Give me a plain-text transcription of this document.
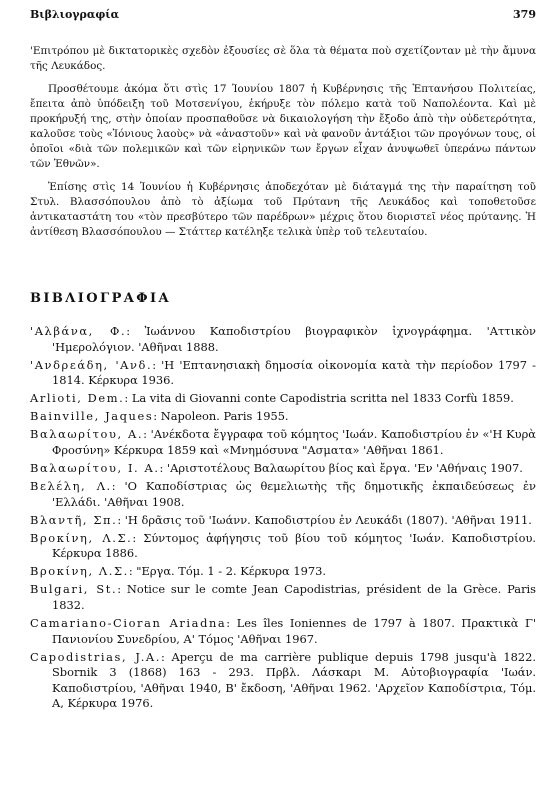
Βιβλιογραφία	379

'Επιτρόπου μὲ δικτατορικὲς σχεδὸν ἐξουσίες σὲ ὅλα τὰ θέματα ποὺ σχετίζονταν μὲ τὴν ἄμυνα τῆς Λευκάδος.

Προσθέτουμε ἀκόμα ὅτι στὶς 17 Ἰουνίου 1807 ἡ Κυβέρνησις τῆς Ἑπτανήσου Πολιτείας, ἔπειτα ἀπὸ ὑπόδειξη τοῦ Μοτσενίγου, ἐκήρυξε τὸν πόλεμο κατὰ τοῦ Ναπολέοντα. Καὶ μὲ προκήρυξή της, στὴν ὁποίαν προσπαθοῦσε νὰ δικαιολογήση τὴν ἔξοδο ἀπὸ τὴν οὐδετερότητα, καλοῦσε τοὺς «Ἰόνιους λαοὺς» νὰ «ἀναστοῦν» καὶ νὰ φανοῦν ἀντάξιοι τῶν προγόνων τους, οἱ ὁποῖοι «διὰ τῶν πολεμικῶν καὶ τῶν εἰρηνικῶν των ἔργων εἶχαν ἀνυψωθεῖ ὑπεράνω πάντων τῶν Ἐθνῶν».

Ἐπίσης στὶς 14 Ἰουνίου ἡ Κυβέρνησις ἀποδεχόταν μὲ διάταγμά της τὴν παραίτηση τοῦ Στυλ. Βλασσόπουλου ἀπὸ τὸ ἀξίωμα τοῦ Πρύτανη τῆς Λευκάδος καὶ τοποθετοῦσε ἀντικαταστάτη του «τὸν πρεσβύτερο τῶν παρέδρων» μέχρις ὅτου διοριστεῖ νέος πρύτανης. Ἡ ἀντίθεση Βλασσόπουλου — Στάττερ κατέληξε τελικὰ ὑπὲρ τοῦ τελευταίου.

ΒΙΒΛΙΟΓΡΑΦΙΑ
'Αλβάνα, Φ.: Ἰωάννου Καποδιστρίου βιογραφικὸν ἰχνογράφημα. 'Αττικὸν 'Ημερολόγιον. 'Αθῆναι 1888.
'Ανδρεάδη, 'Ανδ.: 'Η 'Επτανησιακὴ δημοσία οἰκονομία κατὰ τὴν περίοδον 1797 - 1814. Κέρκυρα 1936.
Arlioti, Dem.: La vita di Giovanni conte Capodistria scritta nel 1833 Corfù 1859.
Bainville, Jaques: Napoleon. Paris 1955.
Βαλαωρίτου, Α.: 'Ανέκδοτα ἔγγραφα τοῦ κόμητος 'Ιωάν. Καποδιστρίου ἐν «'Η Κυρὰ Φροσύνη» Κέρκυρα 1859 καὶ «Μνημόσυνα "Ασματα» 'Αθῆναι 1861.
Βαλαωρίτου, Ι. Α.: 'Αριστοτέλους Βαλαωρίτου βίος καὶ ἔργα. 'Εν 'Αθήναις 1907.
Βελέλη, Λ.: 'Ο Καποδίστριας ὡς θεμελιωτὴς τῆς δημοτικῆς ἐκπαιδεύσεως ἐν 'Ελλάδι. 'Αθῆναι 1908.
Βλαντῆ, Σπ.: 'Η δρᾶσις τοῦ 'Ιωάνν. Καποδιστρίου ἐν Λευκάδι (1807). 'Αθῆναι 1911.
Βροκίνη, Λ.Σ.: Σύντομος ἀφήγησις τοῦ βίου τοῦ κόμητος 'Ιωάν. Καποδιστρίου. Κέρκυρα 1886.
Βροκίνη, Λ.Σ.: "Εργα. Τόμ. 1 - 2. Κέρκυρα 1973.
Bulgari, St.: Notice sur le comte Jean Capodistrias, président de la Grèce. Paris 1832.
Camariano-Cioran Ariadna: Les îles Ioniennes de 1797 à 1807. Πρακτικὰ Γ' Πανιονίου Συνεδρίου, Α' Τόμος 'Αθῆναι 1967.
Capodistrias, J.A.: Aperçu de ma carrière publique depuis 1798 jusqu'à 1822. Sbornik 3 (1868) 163 - 293. Πρβλ. Λάσκαρι Μ. Αὐτοβιογραφία 'Ιωάν. Καποδιστρίου, 'Αθῆναι 1940, Β' ἔκδοση, 'Αθῆναι 1962. 'Αρχεῖον Καποδίστρια, Τόμ. Α, Κέρκυρα 1976.
